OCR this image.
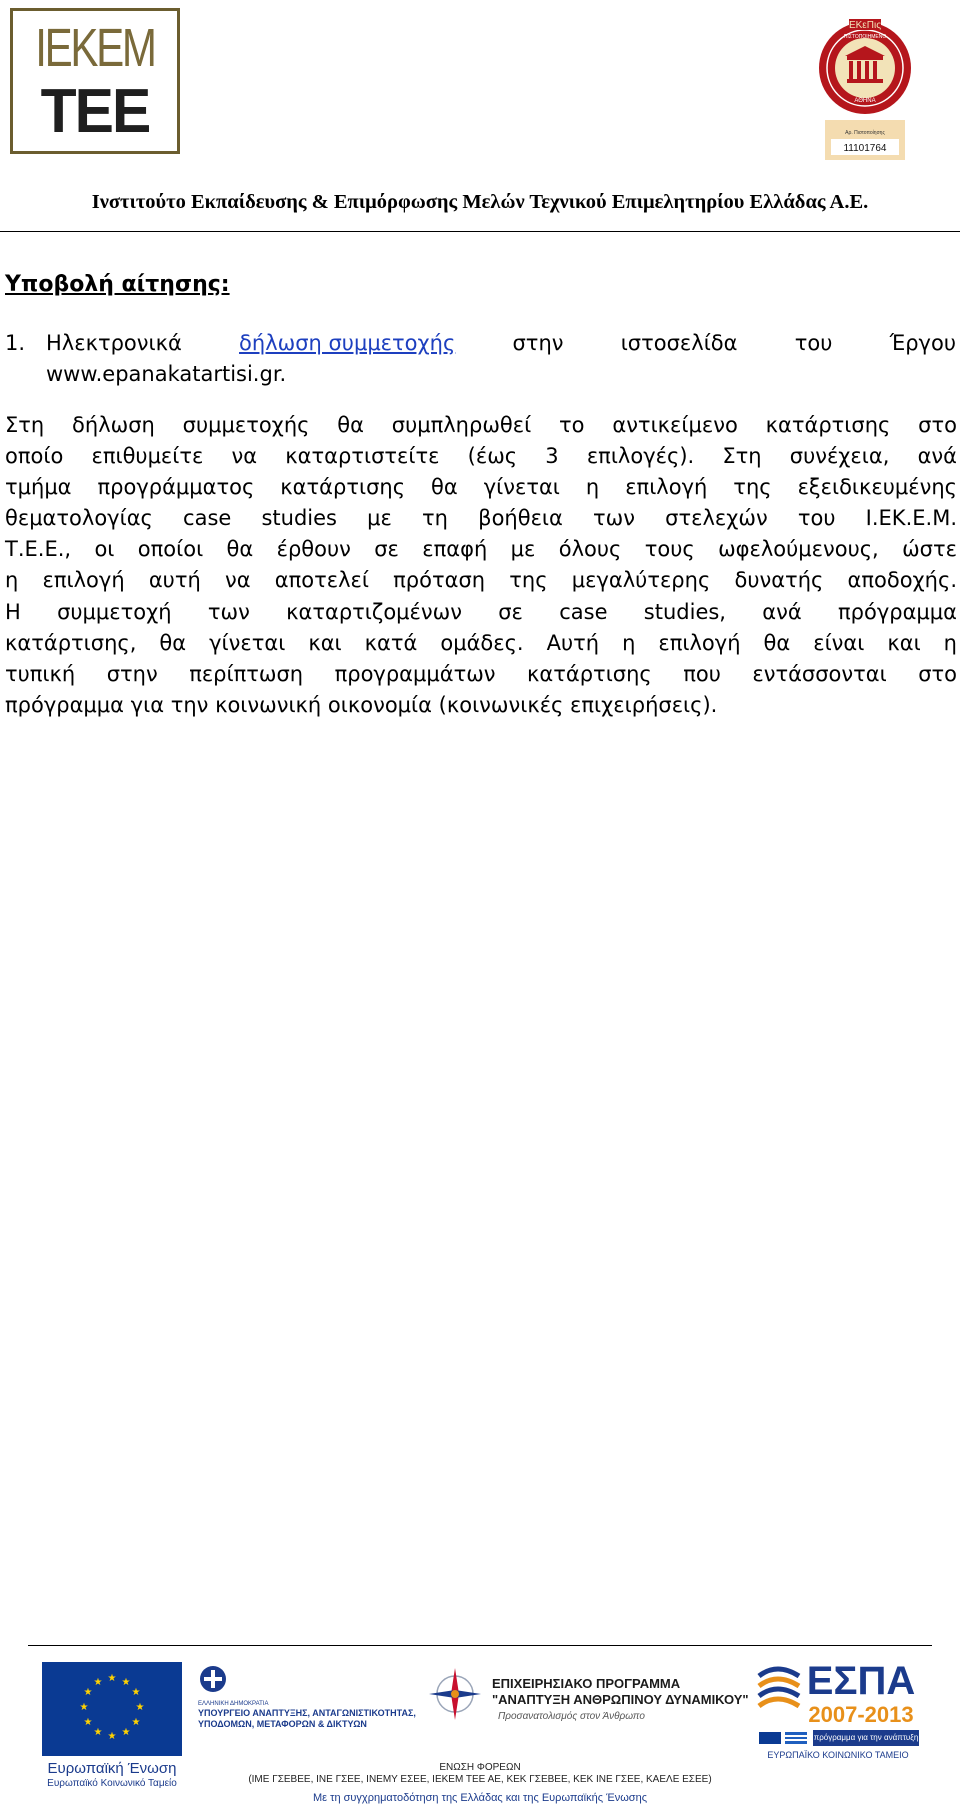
IEKEM
TEE
ΕΚεΠις
ΠΙΣΤΟΠΟΙΗΜΕΝΟ
ΑΘΗΝΑ
Αρ. Πιστοποίησης
11101764
Ινστιτούτο Εκπαίδευσης & Επιμόρφωσης Μελών Τεχνικού Επιμελητηρίου Ελλάδας Α.Ε.
Υποβολή αίτησης:
1. Ηλεκτρονικά	δήλωση συμμετοχής	στην	ιστοσελίδα	του	Έργου
www.epanakatartisi.gr.
Στη δήλωση συμμετοχής θα συμπληρωθεί το αντικείμενο κατάρτισης στο
οποίο επιθυμείτε να καταρτιστείτε (έως 3 επιλογές). Στη συνέχεια, ανά
τμήμα προγράμματος κατάρτισης θα γίνεται η επιλογή της εξειδικευμένης
θεματολογίας case studies με τη βοήθεια των στελεχών του Ι.ΕΚ.Ε.Μ.
Τ.Ε.Ε., οι οποίοι θα έρθουν σε επαφή με όλους τους ωφελούμενους, ώστε
η επιλογή αυτή να αποτελεί πρόταση της μεγαλύτερης δυνατής αποδοχής.
Η συμμετοχή των καταρτιζομένων σε case studies, ανά πρόγραμμα
κατάρτισης, θα γίνεται και κατά ομάδες. Αυτή η επιλογή θα είναι και η
τυπική στην περίπτωση προγραμμάτων κατάρτισης που εντάσσονται στο
πρόγραμμα για την κοινωνική οικονομία (κοινωνικές επιχειρήσεις).
★ ★
★
★
★
★
★
★
★
★
★
★
Ευρωπαϊκή Ένωση
Ευρωπαϊκό Κοινωνικό Ταμείο
ΕΛΛΗΝΙΚΗ ΔΗΜΟΚΡΑΤΙΑ
ΥΠΟΥΡΓΕΙΟ ΑΝΑΠΤΥΞΗΣ, ΑΝΤΑΓΩΝΙΣΤΙΚΟΤΗΤΑΣ,
ΥΠΟΔΟΜΩΝ, ΜΕΤΑΦΟΡΩΝ & ΔΙΚΤΥΩΝ
ΕΠΙΧΕΙΡΗΣΙΑΚΟ ΠΡΟΓΡΑΜΜΑ
"ΑΝΑΠΤΥΞΗ ΑΝΘΡΩΠΙΝΟΥ ΔΥΝΑΜΙΚΟΥ"
Προσανατολισμός στον Άνθρωπο
ΕΣΠΑ
2007-2013
πρόγραμμα για την ανάπτυξη
ΕΥΡΩΠΑΪΚΟ ΚΟΙΝΩΝΙΚΟ ΤΑΜΕΙΟ
ΕΝΩΣΗ ΦΟΡΕΩΝ
(ΙΜΕ ΓΣΕΒΕΕ, ΙΝΕ ΓΣΕΕ, ΙΝΕΜΥ ΕΣΕΕ, ΙΕΚΕΜ ΤΕΕ ΑΕ, ΚΕΚ ΓΣΕΒΕΕ, ΚΕΚ ΙΝΕ ΓΣΕΕ, ΚΑΕΛΕ ΕΣΕΕ)
Με τη συγχρηματοδότηση της Ελλάδας και της Ευρωπαϊκής Ένωσης
